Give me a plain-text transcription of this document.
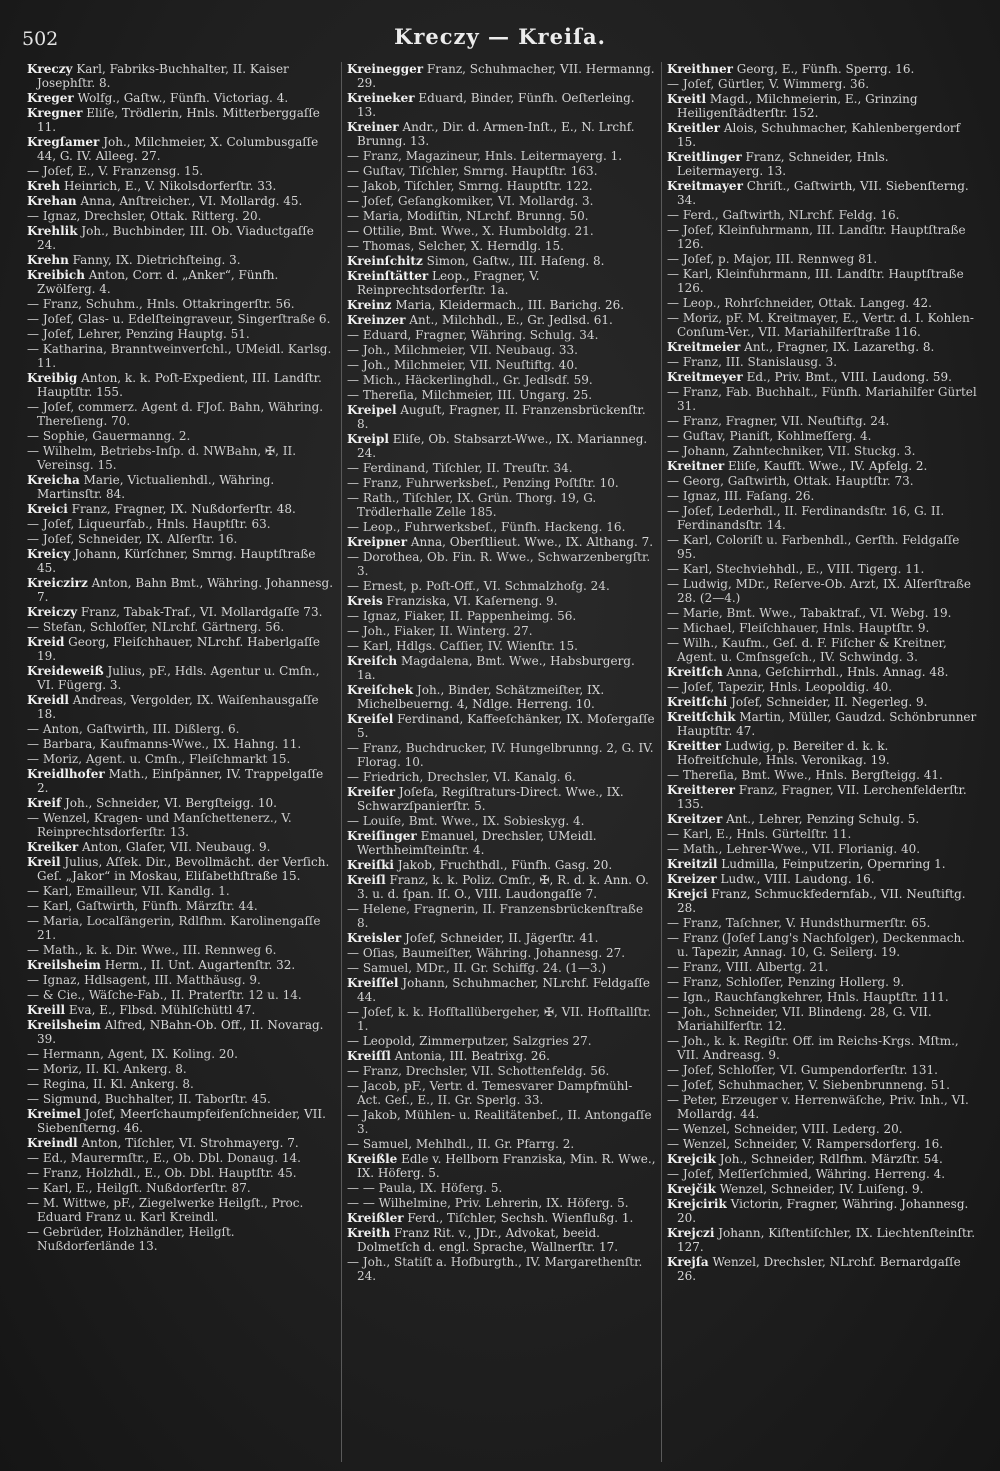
502	Kreczy — Kreiſa.
Kreczy Karl, Fabriks-Buchhalter, II. Kaiser Josephſtr. 8.
Kreger Wolfg., Gaſtw., Fünfh. Victoriag. 4.
Kregner Eliſe, Trödlerin, Hnls. Mitterberggaſſe 11.
Kregſamer Joh., Milchmeier, X. Columbusgaſſe 44, G. IV. Alleeg. 27.
— Joſef, E., V. Franzensg. 15.
Kreh Heinrich, E., V. Nikolsdorferſtr. 33.
Krehan Anna, Anſtreicher., VI. Mollardg. 45.
— Ignaz, Drechsler, Ottak. Ritterg. 20.
Krehlik Joh., Buchbinder, III. Ob. Viaductgaſſe 24.
Krehn Fanny, IX. Dietrichſteing. 3.
Kreibich Anton, Corr. d. „Anker“, Fünfh. Zwölferg. 4.
— Franz, Schuhm., Hnls. Ottakringerſtr. 56.
— Joſef, Glas- u. Edelſteingraveur, Singerſtraße 6.
— Joſef, Lehrer, Penzing Hauptg. 51.
— Katharina, Branntweinverſchl., UMeidl. Karlsg. 11.
Kreibig Anton, k. k. Poſt-Expedient, III. Landſtr. Hauptſtr. 155.
— Joſef, commerz. Agent d. FJoſ. Bahn, Währing. Thereſieng. 70.
— Sophie, Gauermanng. 2.
— Wilhelm, Betriebs-Inſp. d. NWBahn, ✠, II. Vereinsg. 15.
Kreicha Marie, Victualienhdl., Währing. Martinsſtr. 84.
Kreici Franz, Fragner, IX. Nußdorferſtr. 48.
— Joſef, Liqueurfab., Hnls. Hauptſtr. 63.
— Joſef, Schneider, IX. Alſerſtr. 16.
Kreicy Johann, Kürſchner, Smrng. Hauptſtraße 45.
Kreiczirz Anton, Bahn Bmt., Währing. Johannesg. 7.
Kreiczy Franz, Tabak-Traf., VI. Mollardgaſſe 73.
— Stefan, Schloſſer, NLrchf. Gärtnerg. 56.
Kreid Georg, Fleiſchhauer, NLrchf. Haberlgaſſe 19.
Kreideweiß Julius, pF., Hdls. Agentur u. Cmſn., VI. Fügerg. 3.
Kreidl Andreas, Vergolder, IX. Waiſenhausgaſſe 18.
— Anton, Gaſtwirth, III. Dißlerg. 6.
— Barbara, Kaufmanns-Wwe., IX. Hahng. 11.
— Moriz, Agent. u. Cmſn., Fleiſchmarkt 15.
Kreidlhofer Math., Einſpänner, IV. Trappelgaſſe 2.
Kreif Joh., Schneider, VI. Bergſteigg. 10.
— Wenzel, Kragen- und Manſchettenerz., V. Reinprechtsdorferſtr. 13.
Kreiker Anton, Glaſer, VII. Neubaug. 9.
Kreil Julius, Aſſek. Dir., Bevollmächt. der Verſich. Geſ. „Jakor“ in Moskau, Eliſabethſtraße 15.
— Karl, Emailleur, VII. Kandlg. 1.
— Karl, Gaſtwirth, Fünfh. Märzſtr. 44.
— Maria, Localſängerin, Rdlfhm. Karolinengaſſe 21.
— Math., k. k. Dir. Wwe., III. Rennweg 6.
Kreilsheim Herm., II. Unt. Augartenſtr. 32.
— Ignaz, Hdlsagent, III. Matthäusg. 9.
— & Cie., Wäſche-Fab., II. Praterſtr. 12 u. 14.
Kreill Eva, E., Flbsd. Mühlſchüttl 47.
Kreilsheim Alfred, NBahn-Ob. Off., II. Novarag. 39.
— Hermann, Agent, IX. Koling. 20.
— Moriz, II. Kl. Ankerg. 8.
— Regina, II. Kl. Ankerg. 8.
— Sigmund, Buchhalter, II. Taborſtr. 45.
Kreimel Joſef, Meerſchaumpfeifenſchneider, VII. Siebenſterng. 46.
Kreindl Anton, Tiſchler, VI. Strohmayerg. 7.
— Ed., Maurermſtr., E., Ob. Dbl. Donaug. 14.
— Franz, Holzhdl., E., Ob. Dbl. Hauptſtr. 45.
— Karl, E., Heilgſt. Nußdorferſtr. 87.
— M. Wittwe, pF., Ziegelwerke Heilgſt., Proc. Eduard Franz u. Karl Kreindl.
— Gebrüder, Holzhändler, Heilgſt. Nußdorferlände 13.
Kreinegger Franz, Schuhmacher, VII. Hermanng. 29.
Kreineker Eduard, Binder, Fünfh. Oeſterleing. 13.
Kreiner Andr., Dir. d. Armen-Inſt., E., N. Lrchf. Brunng. 13.
— Franz, Magazineur, Hnls. Leitermayerg. 1.
— Guſtav, Tiſchler, Smrng. Hauptſtr. 163.
— Jakob, Tiſchler, Smrng. Hauptſtr. 122.
— Joſef, Geſangkomiker, VI. Mollardg. 3.
— Maria, Modiſtin, NLrchf. Brunng. 50.
— Ottilie, Bmt. Wwe., X. Humboldtg. 21.
— Thomas, Selcher, X. Herndlg. 15.
Kreinſchitz Simon, Gaſtw., III. Haſeng. 8.
Kreinſtätter Leop., Fragner, V. Reinprechtsdorferſtr. 1a.
Kreinz Maria, Kleidermach., III. Barichg. 26.
Kreinzer Ant., Milchhdl., E., Gr. Jedlsd. 61.
— Eduard, Fragner, Währing. Schulg. 34.
— Joh., Milchmeier, VII. Neubaug. 33.
— Joh., Milchmeier, VII. Neuſtiftg. 40.
— Mich., Häckerlinghdl., Gr. Jedlsdf. 59.
— Thereſia, Milchmeier, III. Ungarg. 25.
Kreipel Auguſt, Fragner, II. Franzensbrückenſtr. 8.
Kreipl Eliſe, Ob. Stabsarzt-Wwe., IX. Mariannеg. 24.
— Ferdinand, Tiſchler, II. Treuſtr. 34.
— Franz, Fuhrwerksbeſ., Penzing Poſtſtr. 10.
— Rath., Tiſchler, IX. Grün. Thorg. 19, G. Trödlerhalle Zelle 185.
— Leop., Fuhrwerksbeſ., Fünfh. Hackeng. 16.
Kreipner Anna, Oberſtlieut. Wwe., IX. Althang. 7.
— Dorothea, Ob. Fin. R. Wwe., Schwarzenbergſtr. 3.
— Ernest, p. Poſt-Off., VI. Schmalzhofg. 24.
Kreis Franziska, VI. Kaſerneng. 9.
— Ignaz, Fiaker, II. Pappenheimg. 56.
— Joh., Fiaker, II. Winterg. 27.
— Karl, Hdlgs. Caſſier, IV. Wienſtr. 15.
Kreiſch Magdalena, Bmt. Wwe., Habsburgerg. 1a.
Kreiſchek Joh., Binder, Schätzmeiſter, IX. Michelbeuerng. 4, Ndlge. Herreng. 10.
Kreiſel Ferdinand, Kaffeeſchänker, IX. Moſergaſſe 5.
— Franz, Buchdrucker, IV. Hungelbrunng. 2, G. IV. Florag. 10.
— Friedrich, Drechsler, VI. Kanalg. 6.
Kreiſer Joſefa, Regiſtraturs-Direct. Wwe., IX. Schwarzſpanierſtr. 5.
— Louiſe, Bmt. Wwe., IX. Sobieskyg. 4.
Kreiſinger Emanuel, Drechsler, UMeidl. Werthheimſteinſtr. 4.
Kreiſki Jakob, Fruchthdl., Fünfh. Gasg. 20.
Kreiſl Franz, k. k. Poliz. Cmſr., ✠, R. d. k. Ann. O. 3. u. d. ſpan. Iſ. O., VIII. Laudongaſſe 7.
— Helene, Fragnerin, II. Franzensbrückenſtraße 8.
Kreisler Joſef, Schneider, II. Jägerſtr. 41.
— Oſias, Baumeiſter, Währing. Johannesg. 27.
— Samuel, MDr., II. Gr. Schiffg. 24. (1—3.)
Kreiſſel Johann, Schuhmacher, NLrchf. Feldgaſſe 44.
— Joſef, k. k. Hofſtallübergeher, ✠, VII. Hofſtallſtr. 1.
— Leopold, Zimmerputzer, Salzgries 27.
Kreiſſl Antonia, III. Beatrixg. 26.
— Franz, Drechsler, VII. Schottenfeldg. 56.
— Jacob, pF., Vertr. d. Temesvarer Dampfmühl-Act. Geſ., E., II. Gr. Sperlg. 33.
— Jakob, Mühlen- u. Realitätenbeſ., II. Antongaſſe 3.
— Samuel, Mehlhdl., II. Gr. Pfarrg. 2.
Kreißle Edle v. Hellborn Franziska, Min. R. Wwe., IX. Höferg. 5.
— — Paula, IX. Höferg. 5.
— — Wilhelmine, Priv. Lehrerin, IX. Höferg. 5.
Kreißler Ferd., Tiſchler, Sechsh. Wienflußg. 1.
Kreith Franz Rit. v., JDr., Advokat, beeid. Dolmetſch d. engl. Sprache, Wallnerſtr. 17.
— Joh., Statiſt a. Hofburgth., IV. Margarethenſtr. 24.
Kreithner Georg, E., Fünfh. Sperrg. 16.
— Joſef, Gürtler, V. Wimmerg. 36.
Kreitl Magd., Milchmeierin, E., Grinzing Heiligenſtädterſtr. 152.
Kreitler Alois, Schuhmacher, Kahlenbergerdorf 15.
Kreitlinger Franz, Schneider, Hnls. Leitermayerg. 13.
Kreitmayer Chriſt., Gaſtwirth, VII. Siebenſterng. 34.
— Ferd., Gaſtwirth, NLrchf. Feldg. 16.
— Joſef, Kleinfuhrmann, III. Landſtr. Hauptſtraße 126.
— Joſef, p. Major, III. Rennweg 81.
— Karl, Kleinfuhrmann, III. Landſtr. Hauptſtraße 126.
— Leop., Rohrſchneider, Ottak. Langeg. 42.
— Moriz, pF. M. Kreitmayer, E., Vertr. d. I. Kohlen-Conſum-Ver., VII. Mariahilferſtraße 116.
Kreitmeier Ant., Fragner, IX. Lazarethg. 8.
— Franz, III. Stanislausg. 3.
Kreitmeyer Ed., Priv. Bmt., VIII. Laudong. 59.
— Franz, Fab. Buchhalt., Fünfh. Mariahilfer Gürtel 31.
— Franz, Fragner, VII. Neuſtiftg. 24.
— Guſtav, Pianiſt, Kohlmeſſerg. 4.
— Johann, Zahntechniker, VII. Stuckg. 3.
Kreitner Eliſe, Kaufſt. Wwe., IV. Apfelg. 2.
— Georg, Gaſtwirth, Ottak. Hauptſtr. 73.
— Ignaz, III. Faſang. 26.
— Joſef, Lederhdl., II. Ferdinandsſtr. 16, G. II. Ferdinandsſtr. 14.
— Karl, Coloriſt u. Farbenhdl., Gerſth. Feldgaſſe 95.
— Karl, Stechviehhdl., E., VIII. Tigerg. 11.
— Ludwig, MDr., Reſerve-Ob. Arzt, IX. Alſerſtraße 28. (2—4.)
— Marie, Bmt. Wwe., Tabaktraf., VI. Webg. 19.
— Michael, Fleiſchhauer, Hnls. Hauptſtr. 9.
— Wilh., Kaufm., Geſ. d. F. Fiſcher & Kreitner, Agent. u. Cmſnsgeſch., IV. Schwindg. 3.
Kreitſch Anna, Geſchirrhdl., Hnls. Annag. 48.
— Joſef, Tapezir, Hnls. Leopoldig. 40.
Kreitſchi Joſef, Schneider, II. Negerleg. 9.
Kreitſchik Martin, Müller, Gaudzd. Schönbrunner Hauptſtr. 47.
Kreitter Ludwig, p. Bereiter d. k. k. Hofreitſchule, Hnls. Veronikag. 19.
— Thereſia, Bmt. Wwe., Hnls. Bergſteigg. 41.
Kreitterer Franz, Fragner, VII. Lerchenfelderſtr. 135.
Kreitzer Ant., Lehrer, Penzing Schulg. 5.
— Karl, E., Hnls. Gürtelſtr. 11.
— Math., Lehrer-Wwe., VII. Florianig. 40.
Kreitzil Ludmilla, Feinputzerin, Opernring 1.
Kreizer Ludw., VIII. Laudong. 16.
Krejci Franz, Schmuckfedernfab., VII. Neuſtiftg. 28.
— Franz, Taſchner, V. Hundsthurmerſtr. 65.
— Franz (Joſef Lang's Nachfolger), Deckenmach. u. Tapezir, Annag. 10, G. Seilerg. 19.
— Franz, VIII. Albertg. 21.
— Franz, Schloſſer, Penzing Hollerg. 9.
— Ign., Rauchfangkehrer, Hnls. Hauptſtr. 111.
— Joh., Schneider, VII. Blindeng. 28, G. VII. Mariahilferſtr. 12.
— Joh., k. k. Regiſtr. Off. im Reichs-Krgs. Mſtm., VII. Andreasg. 9.
— Joſef, Schloſſer, VI. Gumpendorferſtr. 131.
— Joſef, Schuhmacher, V. Siebenbrunneng. 51.
— Peter, Erzeuger v. Herrenwäſche, Priv. Inh., VI. Mollardg. 44.
— Wenzel, Schneider, VIII. Lederg. 20.
— Wenzel, Schneider, V. Rampersdorferg. 16.
Krejcik Joh., Schneider, Rdlfhm. Märzſtr. 54.
— Joſef, Meſſerſchmied, Währing. Herreng. 4.
Krejčik Wenzel, Schneider, IV. Luiſeng. 9.
Krejcirik Victorin, Fragner, Währing. Johannesg. 20.
Krejczi Johann, Kiſtentiſchler, IX. Liechtenſteinſtr. 127.
Krejſa Wenzel, Drechsler, NLrchf. Bernardgaſſe 26.
